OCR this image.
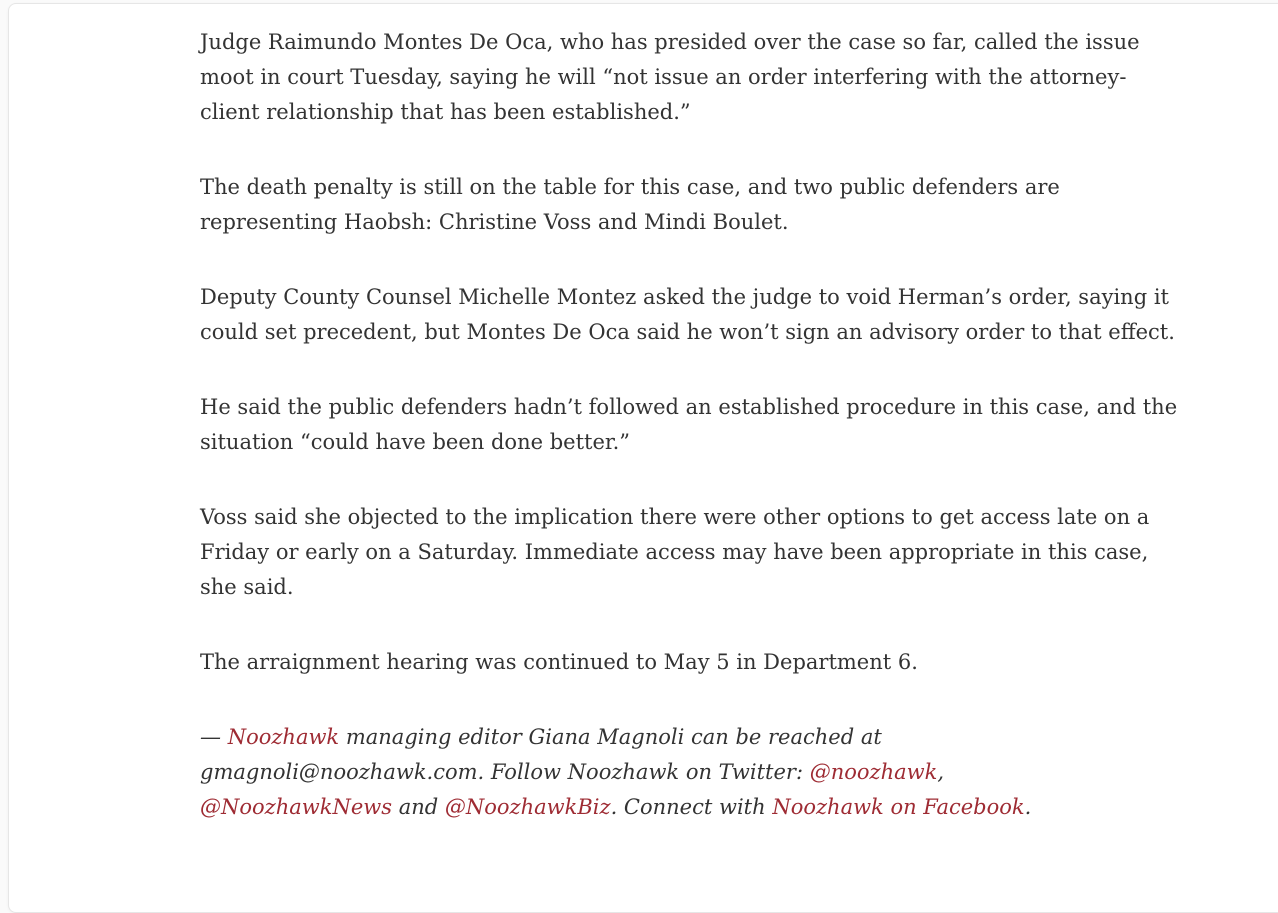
Judge Raimundo Montes De Oca, who has presided over the case so far, called the issue moot in court Tuesday, saying he will “not issue an order interfering with the attorney-client relationship that has been established.”

The death penalty is still on the table for this case, and two public defenders are representing Haobsh: Christine Voss and Mindi Boulet.

Deputy County Counsel Michelle Montez asked the judge to void Herman’s order, saying it could set precedent, but Montes De Oca said he won’t sign an advisory order to that effect.

He said the public defenders hadn’t followed an established procedure in this case, and the situation “could have been done better.”

Voss said she objected to the implication there were other options to get access late on a Friday or early on a Saturday. Immediate access may have been appropriate in this case, she said.

The arraignment hearing was continued to May 5 in Department 6.

— Noozhawk managing editor Giana Magnoli can be reached at
gmagnoli@noozhawk.com. Follow Noozhawk on Twitter: @noozhawk,
@NoozhawkNews and @NoozhawkBiz. Connect with Noozhawk on Facebook.
